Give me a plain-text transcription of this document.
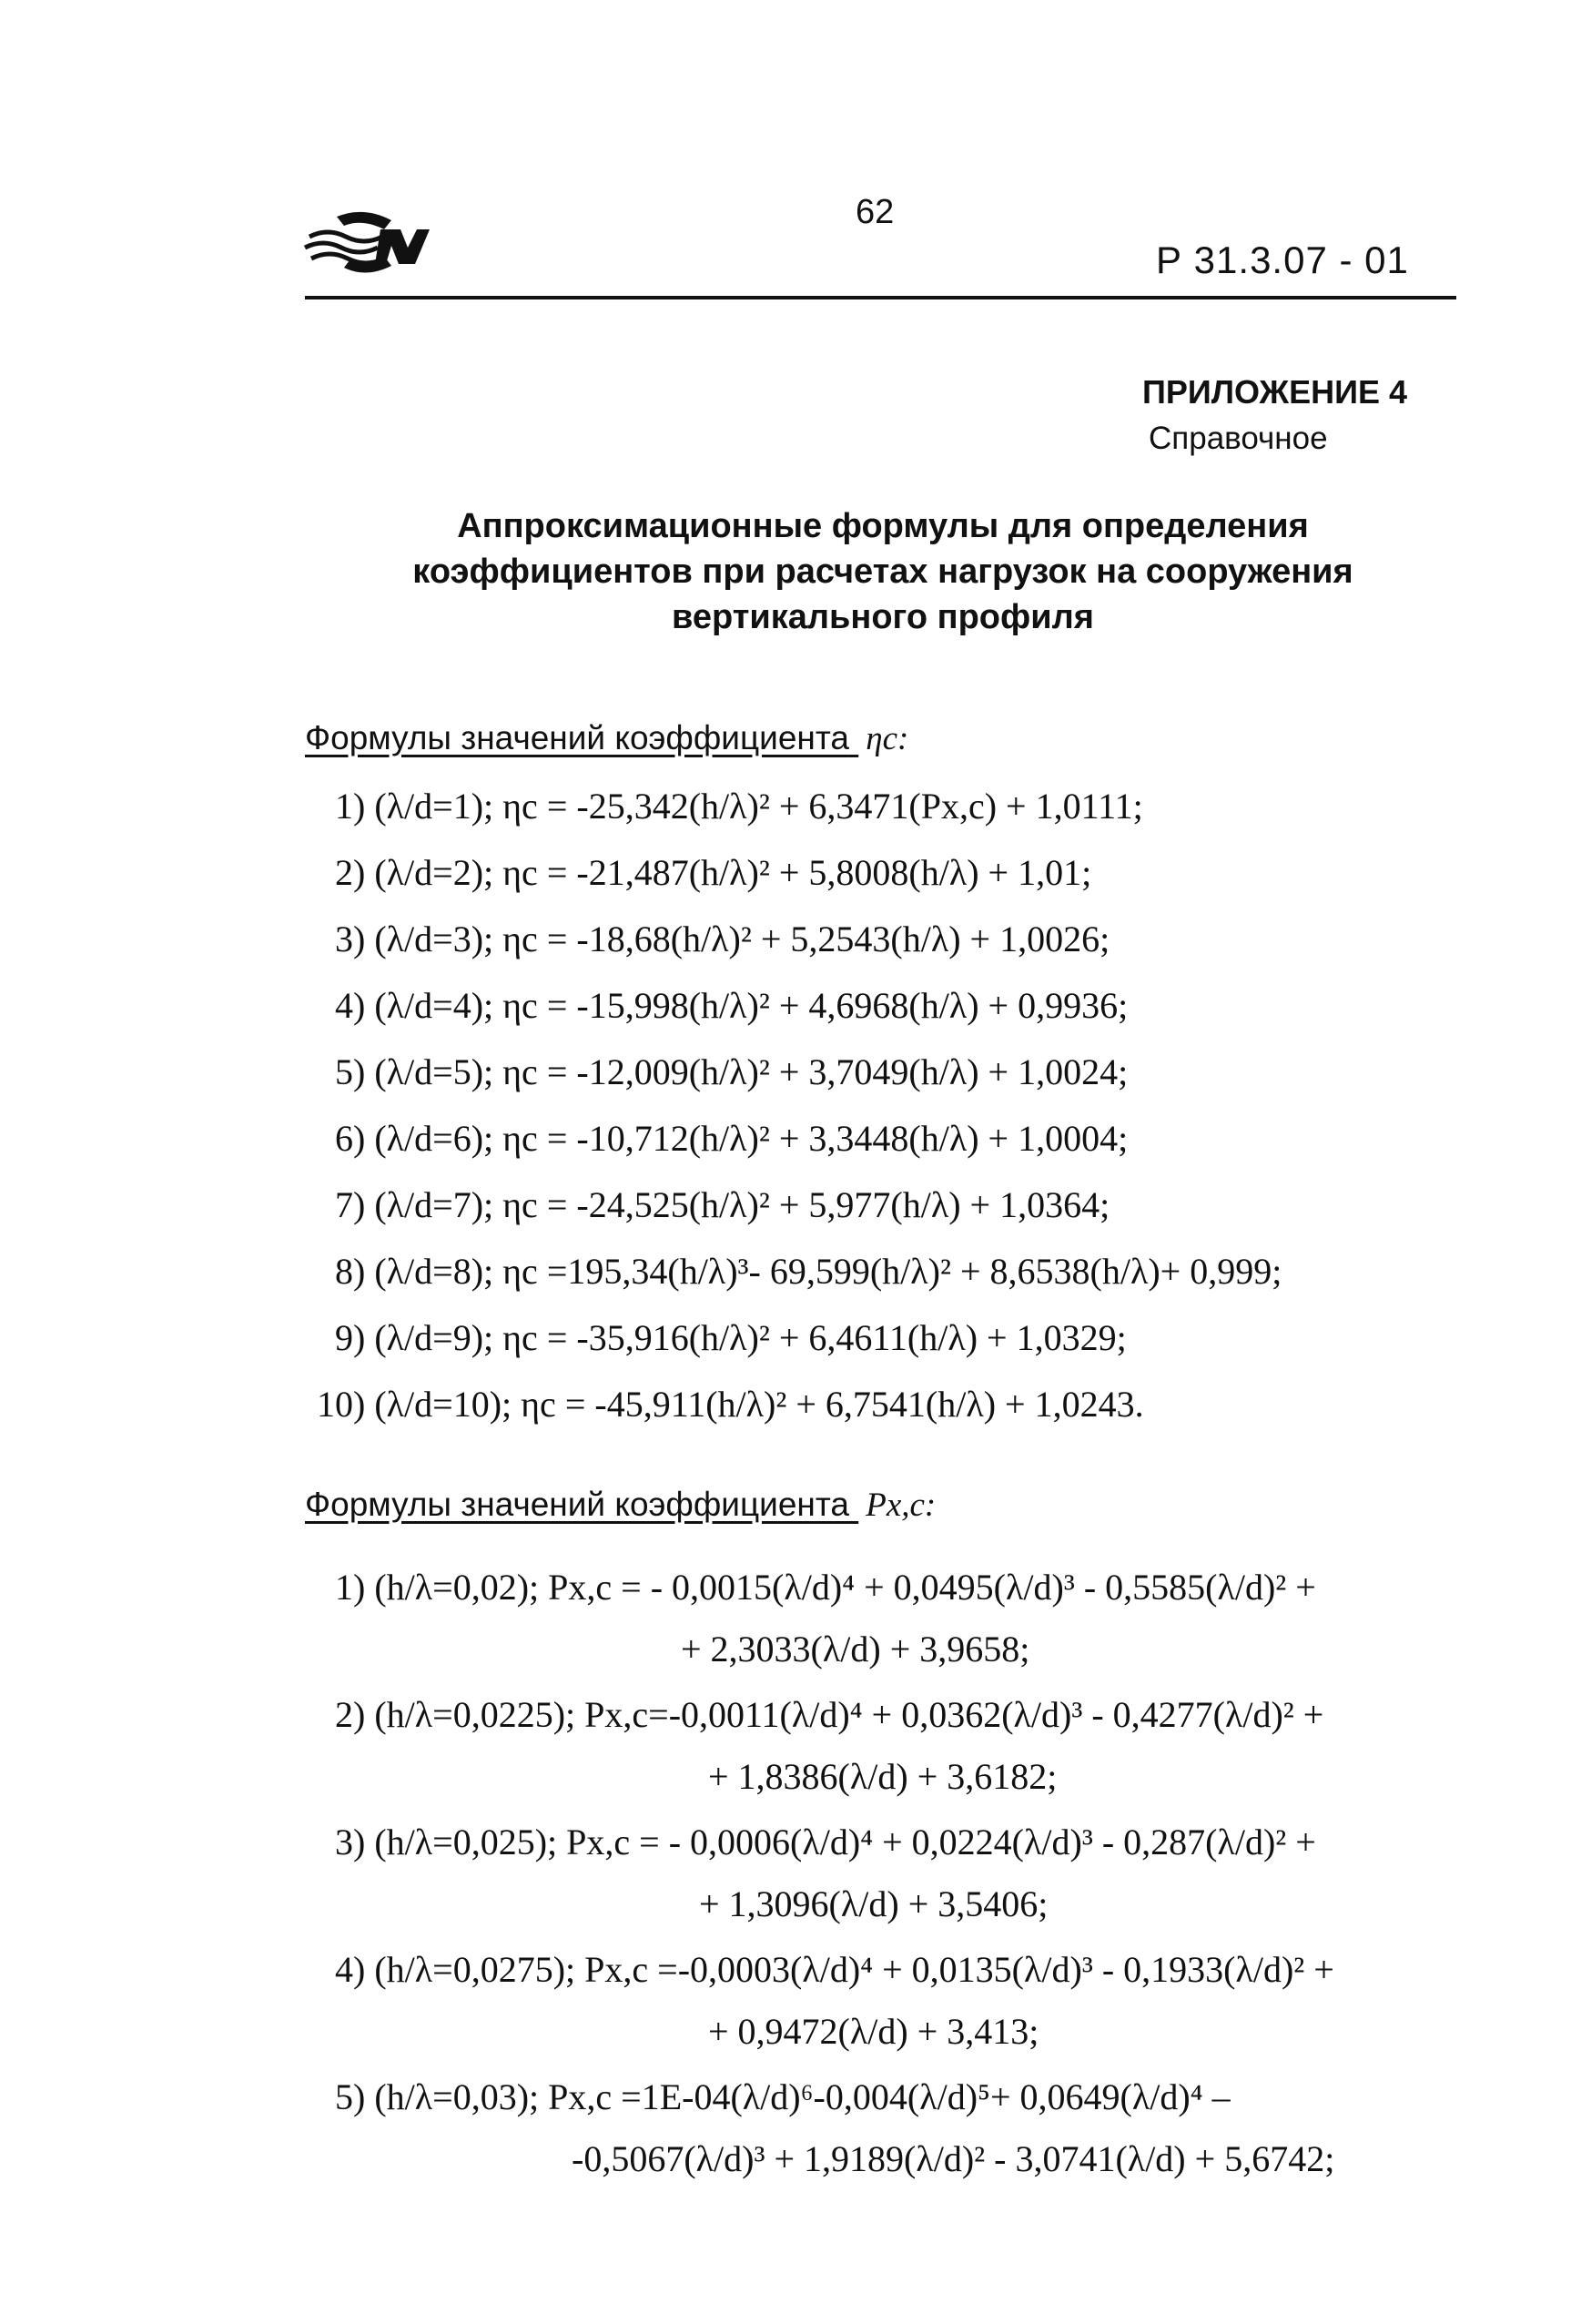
62
Р 31.3.07 - 01
ПРИЛОЖЕНИЕ 4
Справочное
Аппроксимационные формулы для определения
коэффициентов при расчетах нагрузок на сооружения
вертикального профиля
Формулы значений коэффициента ηc:
1) (λ/d=1); ηc = -25,342(h/λ)² + 6,3471(Px,c) + 1,0111;
2) (λ/d=2); ηc = -21,487(h/λ)² + 5,8008(h/λ) + 1,01;
3) (λ/d=3); ηc = -18,68(h/λ)² + 5,2543(h/λ) + 1,0026;
4) (λ/d=4); ηc = -15,998(h/λ)² + 4,6968(h/λ) + 0,9936;
5) (λ/d=5); ηc = -12,009(h/λ)² + 3,7049(h/λ) + 1,0024;
6) (λ/d=6); ηc = -10,712(h/λ)² + 3,3448(h/λ) + 1,0004;
7) (λ/d=7); ηc = -24,525(h/λ)² + 5,977(h/λ) + 1,0364;
8) (λ/d=8); ηc =195,34(h/λ)³- 69,599(h/λ)² + 8,6538(h/λ)+ 0,999;
9) (λ/d=9); ηc = -35,916(h/λ)² + 6,4611(h/λ) + 1,0329;
10) (λ/d=10); ηc = -45,911(h/λ)² + 6,7541(h/λ) + 1,0243.
Формулы значений коэффициента Px,c:
1) (h/λ=0,02); Px,c = - 0,0015(λ/d)⁴ + 0,0495(λ/d)³ - 0,5585(λ/d)² +
+ 2,3033(λ/d) + 3,9658;
2) (h/λ=0,0225); Px,c=-0,0011(λ/d)⁴ + 0,0362(λ/d)³ - 0,4277(λ/d)² +
+ 1,8386(λ/d) + 3,6182;
3) (h/λ=0,025); Px,c = - 0,0006(λ/d)⁴ + 0,0224(λ/d)³ - 0,287(λ/d)² +
+ 1,3096(λ/d) + 3,5406;
4) (h/λ=0,0275); Px,c =-0,0003(λ/d)⁴ + 0,0135(λ/d)³ - 0,1933(λ/d)² +
+ 0,9472(λ/d) + 3,413;
5) (h/λ=0,03); Px,c =1E-04(λ/d)⁶-0,004(λ/d)⁵+ 0,0649(λ/d)⁴ –
-0,5067(λ/d)³ + 1,9189(λ/d)² - 3,0741(λ/d) + 5,6742;
